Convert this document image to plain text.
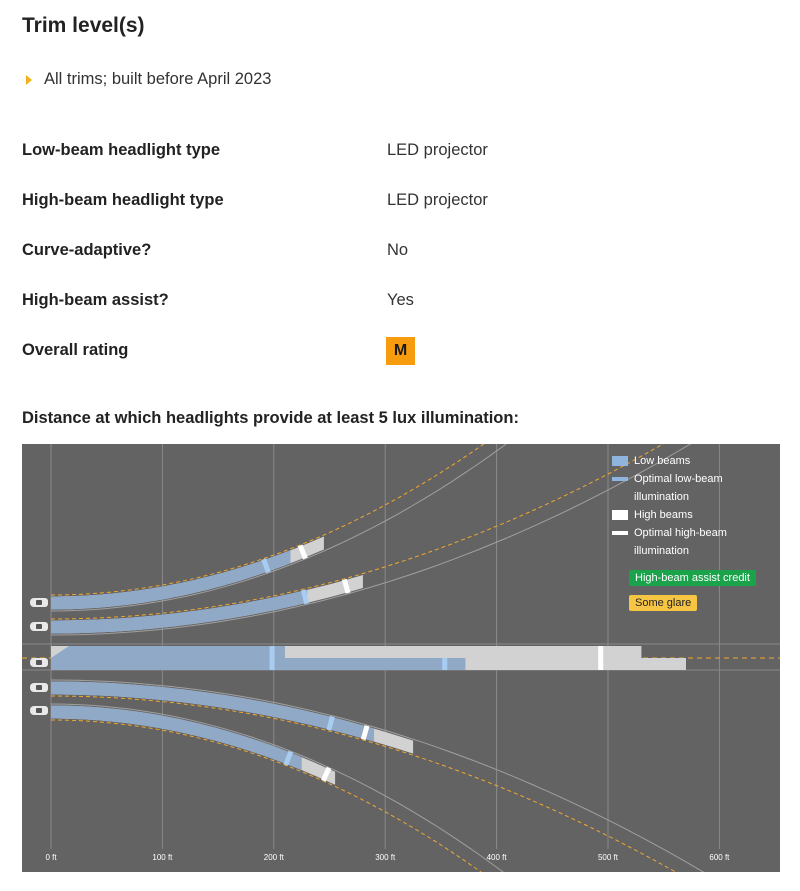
Trim level(s)
All trims; built before April 2023
Low-beam headlight type	LED projector
High-beam headlight type	LED projector
Curve-adaptive?	No
High-beam assist?	Yes
Overall rating	M
Distance at which headlights provide at least 5 lux illumination:
0 ft	100 ft	200 ft	300 ft	400 ft	500 ft	600 ft
Low beams
Optimal low-beam illumination
High beams
Optimal high-beam illumination
High-beam assist credit
Some glare
